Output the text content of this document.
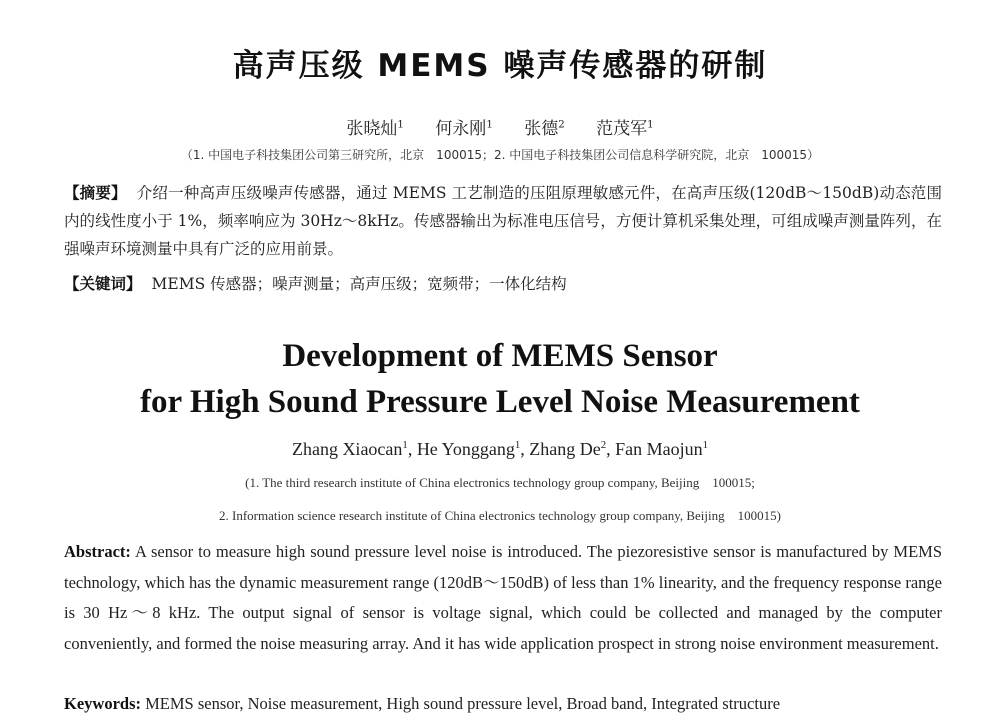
高声压级 MEMS 噪声传感器的研制
张晓灿$^1$ 何永刚$^1$ 张德$^2$ 范茂军$^1$
（1. 中国电子科技集团公司第三研究所，北京　100015；2. 中国电子科技集团公司信息科学研究院，北京　100015）
【摘要】 介绍一种高声压级噪声传感器，通过 MEMS 工艺制造的压阻原理敏感元件，在高声压级(120dB～150dB)动态范围内的线性度小于 1%，频率响应为 30Hz～8kHz。传感器输出为标准电压信号，方便计算机采集处理，可组成噪声测量阵列，在强噪声环境测量中具有广泛的应用前景。
【关键词】 MEMS 传感器；噪声测量；高声压级；宽频带；一体化结构
Development of MEMS Sensor
for High Sound Pressure Level Noise Measurement
Zhang Xiaocan$^1$, He Yonggang$^1$, Zhang De$^2$, Fan Maojun$^1$
(1. The third research institute of China electronics technology group company, Beijing　100015;
2. Information science research institute of China electronics technology group company, Beijing　100015)
Abstract: A sensor to measure high sound pressure level noise is introduced. The piezoresistive sensor is manufactured by MEMS technology, which has the dynamic measurement range (120dB～150dB) of less than 1% linearity, and the frequency response range is 30 Hz～8 kHz. The output signal of sensor is voltage signal, which could be collected and managed by the computer conveniently, and formed the noise measuring array. And it has wide application prospect in strong noise environment measurement.
Keywords: MEMS sensor, Noise measurement, High sound pressure level, Broad band, Integrated structure
